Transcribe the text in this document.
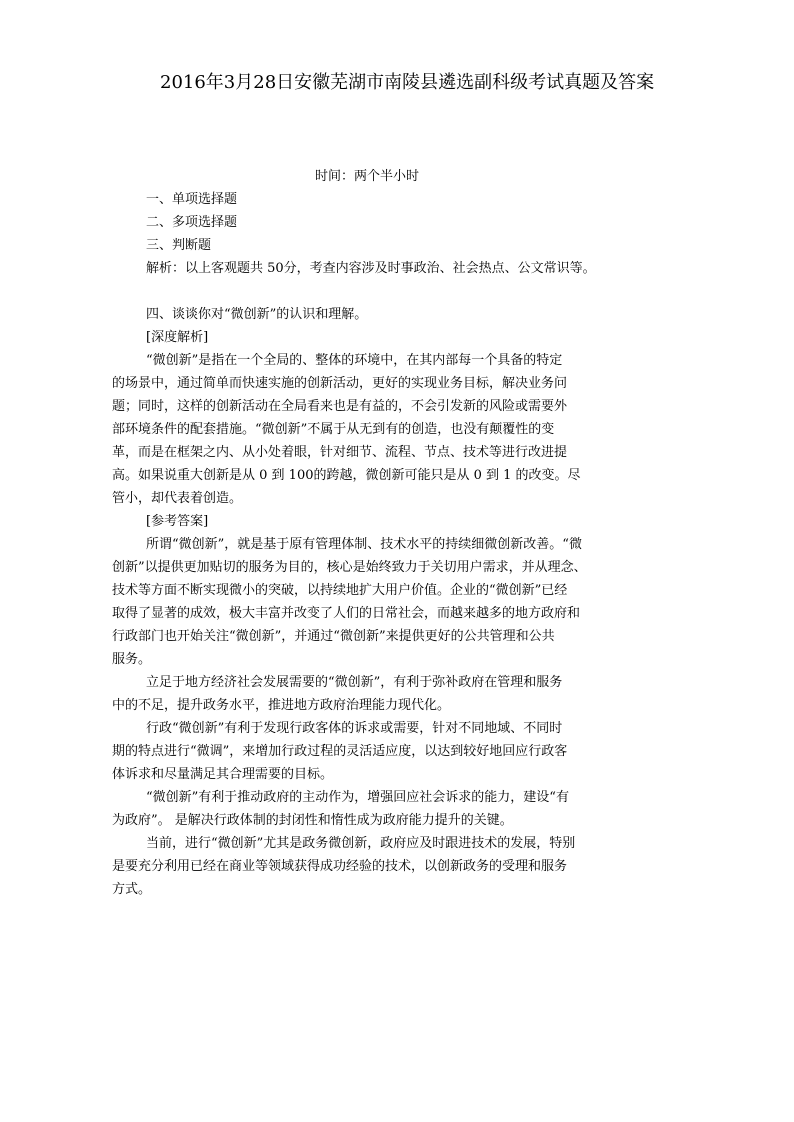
2016年3月28日安徽芜湖市南陵县遴选副科级考试真题及答案
时间：两个半小时
一、单项选择题
二、多项选择题
三、判断题
解析：以上客观题共 50分，考查内容涉及时事政治、社会热点、公文常识等。
四、谈谈你对“微创新”的认识和理解。
[深度解析]
“微创新”是指在一个全局的、整体的环境中，在其内部每一个具备的特定
的场景中，通过简单而快速实施的创新活动，更好的实现业务目标，解决业务问
题；同时，这样的创新活动在全局看来也是有益的，不会引发新的风险或需要外
部环境条件的配套措施。“微创新”不属于从无到有的创造，也没有颠覆性的变
革，而是在框架之内、从小处着眼，针对细节、流程、节点、技术等进行改进提
高。如果说重大创新是从 0 到 100的跨越，微创新可能只是从 0 到 1 的改变。尽
管小，却代表着创造。
[参考答案]
所谓“微创新”，就是基于原有管理体制、技术水平的持续细微创新改善。“微
创新”以提供更加贴切的服务为目的，核心是始终致力于关切用户需求，并从理念、
技术等方面不断实现微小的突破，以持续地扩大用户价值。企业的“微创新”已经
取得了显著的成效，极大丰富并改变了人们的日常社会，而越来越多的地方政府和
行政部门也开始关注“微创新”，并通过“微创新”来提供更好的公共管理和公共
服务。
立足于地方经济社会发展需要的“微创新”，有利于弥补政府在管理和服务
中的不足，提升政务水平，推进地方政府治理能力现代化。
行政“微创新”有利于发现行政客体的诉求或需要，针对不同地域、不同时
期的特点进行“微调”，来增加行政过程的灵活适应度，以达到较好地回应行政客
体诉求和尽量满足其合理需要的目标。
“微创新”有利于推动政府的主动作为，增强回应社会诉求的能力，建设“有
为政府”。 是解决行政体制的封闭性和惰性成为政府能力提升的关键。
当前，进行“微创新”尤其是政务微创新，政府应及时跟进技术的发展，特别
是要充分利用已经在商业等领域获得成功经验的技术，以创新政务的受理和服务
方式。
